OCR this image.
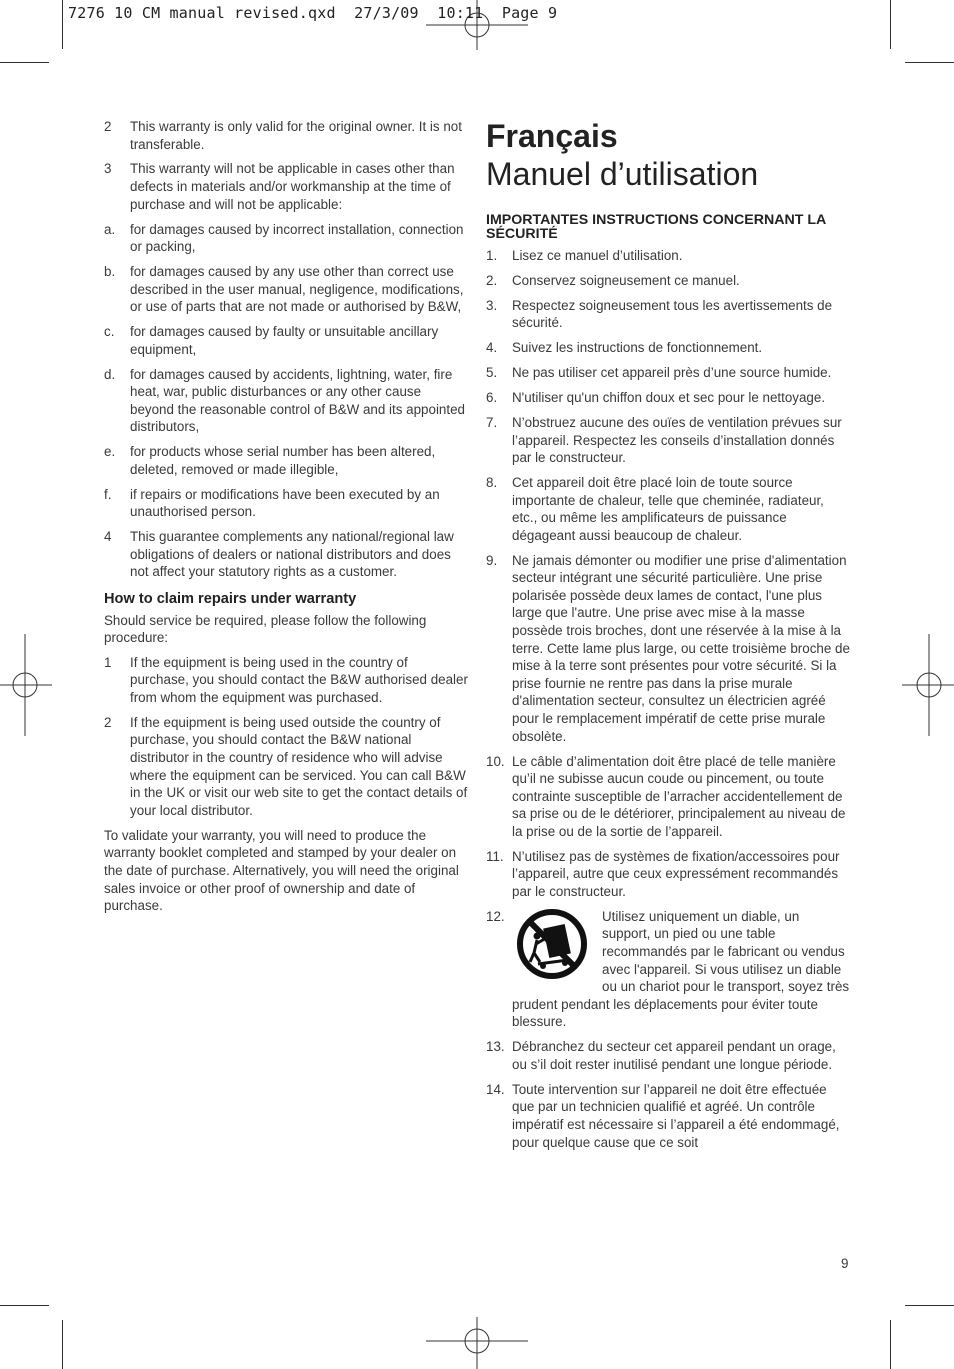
7276 10 CM manual revised.qxd  27/3/09  10:11  Page 9
2	This warranty is only valid for the original owner. It is not transferable.
3	This warranty will not be applicable in cases other than defects in materials and/or workmanship at the time of purchase and will not be applicable:
a.	for damages caused by incorrect installation, connection or packing,
b.	for damages caused by any use other than correct use described in the user manual, negligence, modifications, or use of parts that are not made or authorised by B&W,
c.	for damages caused by faulty or unsuitable ancillary equipment,
d.	for damages caused by accidents, lightning, water, fire heat, war, public disturbances or any other cause beyond the reasonable control of B&W and its appointed distributors,
e.	for products whose serial number has been altered, deleted, removed or made illegible,
f.	if repairs or modifications have been executed by an unauthorised person.
4	This guarantee complements any national/regional law obligations of dealers or national distributors and does not affect your statutory rights as a customer.
How to claim repairs under warranty
Should service be required, please follow the following procedure:
1	If the equipment is being used in the country of purchase, you should contact the B&W authorised dealer from whom the equipment was purchased.
2	If the equipment is being used outside the country of purchase, you should contact the B&W national distributor in the country of residence who will advise where the equipment can be serviced. You can call B&W in the UK or visit our web site to get the contact details of your local distributor.
To validate your warranty, you will need to produce the warranty booklet completed and stamped by your dealer on the date of purchase. Alternatively, you will need the original sales invoice or other proof of ownership and date of purchase.
Français
Manuel d’utilisation
IMPORTANTES INSTRUCTIONS CONCERNANT LA SÉCURITÉ
1.	Lisez ce manuel d’utilisation.
2.	Conservez soigneusement ce manuel.
3.	Respectez soigneusement tous les avertissements de sécurité.
4.	Suivez les instructions de fonctionnement.
5.	Ne pas utiliser cet appareil près d’une source humide.
6.	N'utiliser qu'un chiffon doux et sec pour le nettoyage.
7.	N’obstruez aucune des ouïes de ventilation prévues sur l’appareil. Respectez les conseils d’installation donnés par le constructeur.
8.	Cet appareil doit être placé loin de toute source importante de chaleur, telle que cheminée, radiateur, etc., ou même les amplificateurs de puissance dégageant aussi beaucoup de chaleur.
9.	Ne jamais démonter ou modifier une prise d'alimentation secteur intégrant une sécurité particulière. Une prise polarisée possède deux lames de contact, l'une plus large que l'autre. Une prise avec mise à la masse possède trois broches, dont une réservée à la mise à la terre. Cette lame plus large, ou cette troisième broche de mise à la terre sont présentes pour votre sécurité. Si la prise fournie ne rentre pas dans la prise murale d'alimentation secteur, consultez un électricien agréé pour le remplacement impératif de cette prise murale obsolète.
10. Le câble d’alimentation doit être placé de telle manière qu’il ne subisse aucun coude ou pincement, ou toute contrainte susceptible de l’arracher accidentellement de sa prise ou de le détériorer, principalement au niveau de la prise ou de la sortie de l’appareil.
11. N’utilisez pas de systèmes de fixation/accessoires pour l’appareil, autre que ceux expressément recommandés par le constructeur.
12.	Utilisez uniquement un diable, un support, un pied ou une table recommandés par le fabricant ou vendus avec l'appareil. Si vous utilisez un diable ou un chariot pour le transport, soyez très prudent pendant les déplacements pour éviter toute blessure.
13. Débranchez du secteur cet appareil pendant un orage, ou s’il doit rester inutilisé pendant une longue période.
14. Toute intervention sur l’appareil ne doit être effectuée que par un technicien qualifié et agréé. Un contrôle impératif est nécessaire si l’appareil a été endommagé, pour quelque cause que ce soit
9
